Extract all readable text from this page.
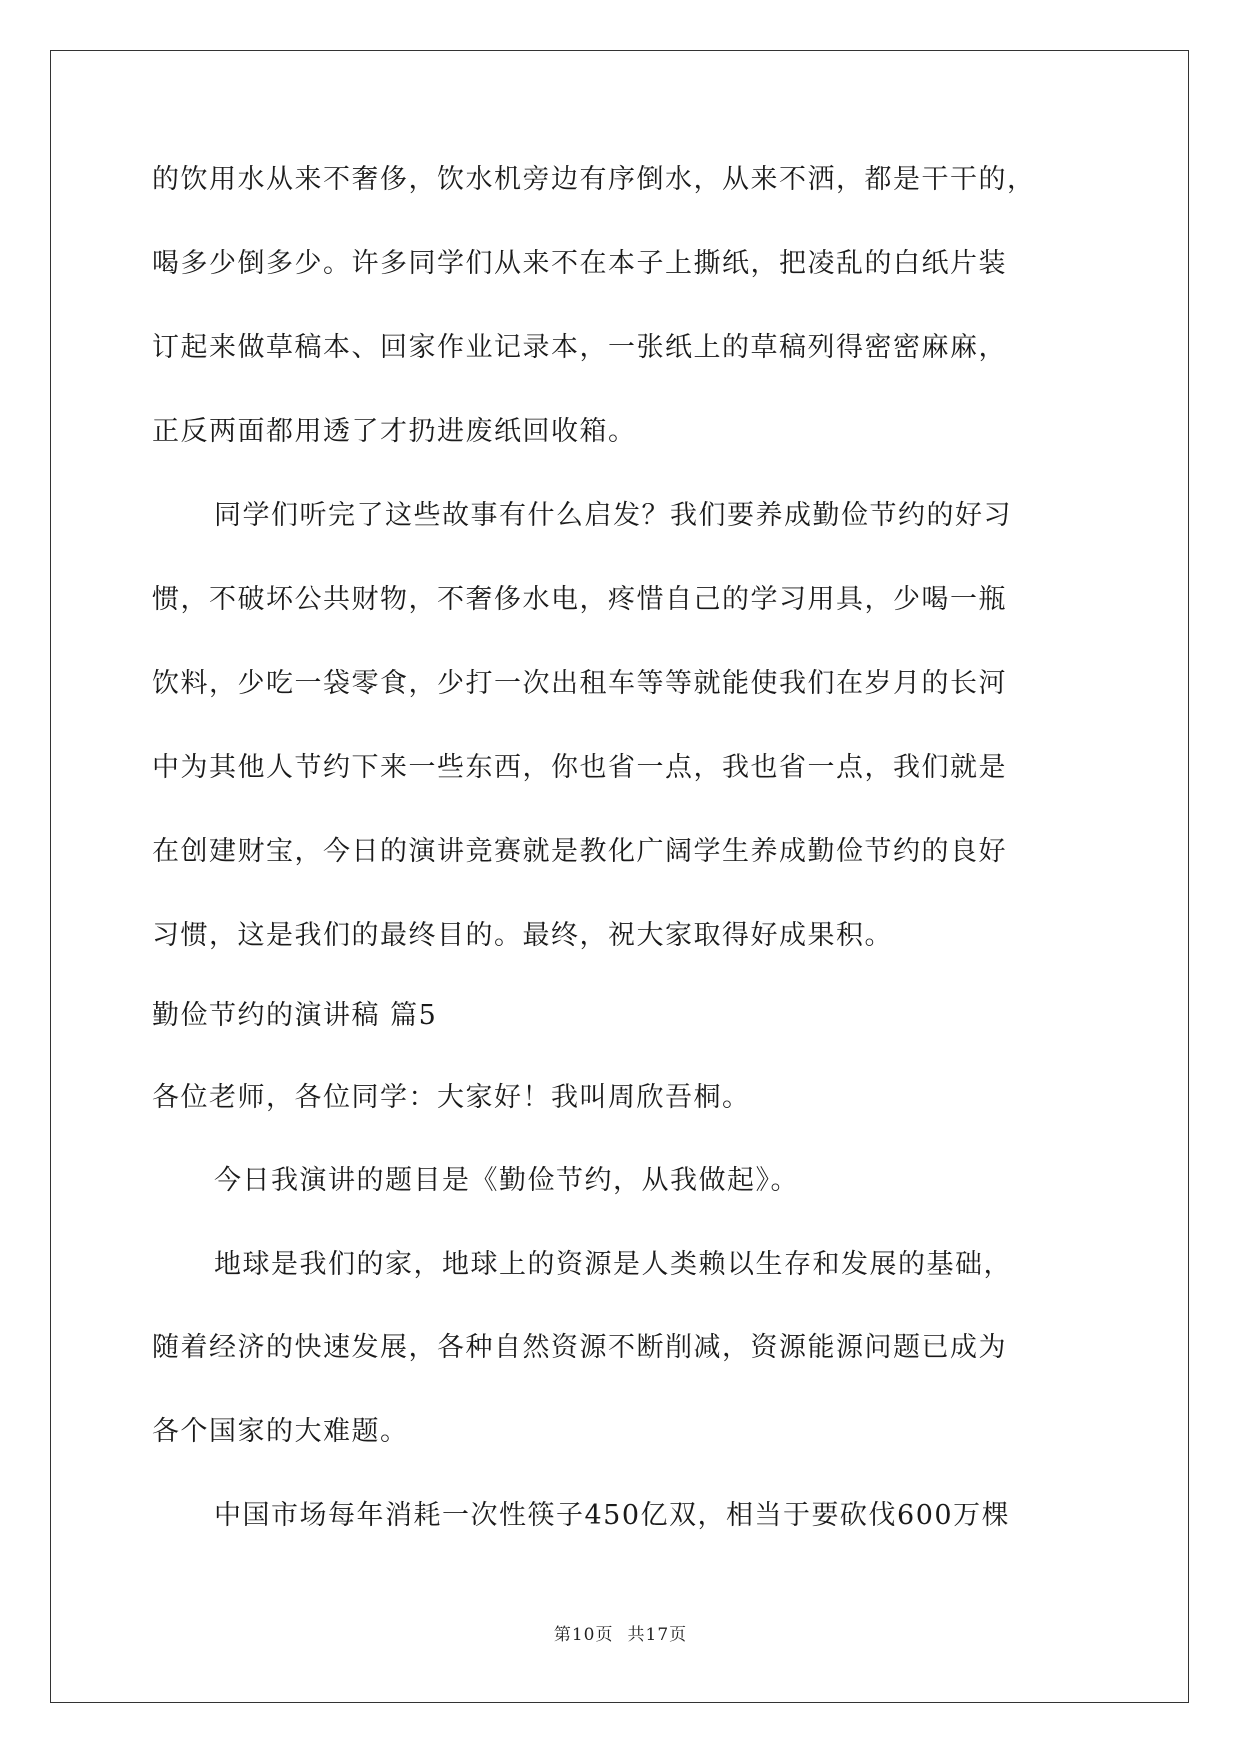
的饮用水从来不奢侈，饮水机旁边有序倒水，从来不洒，都是干干的，
喝多少倒多少。许多同学们从来不在本子上撕纸，把凌乱的白纸片装
订起来做草稿本、回家作业记录本，一张纸上的草稿列得密密麻麻，
正反两面都用透了才扔进废纸回收箱。
同学们听完了这些故事有什么启发？我们要养成勤俭节约的好习
惯，不破坏公共财物，不奢侈水电，疼惜自己的学习用具，少喝一瓶
饮料，少吃一袋零食，少打一次出租车等等就能使我们在岁月的长河
中为其他人节约下来一些东西，你也省一点，我也省一点，我们就是
在创建财宝，今日的演讲竞赛就是教化广阔学生养成勤俭节约的良好
习惯，这是我们的最终目的。最终，祝大家取得好成果积。
勤俭节约的演讲稿 篇5
各位老师，各位同学：大家好！我叫周欣吾桐。
今日我演讲的题目是《勤俭节约，从我做起》。
地球是我们的家，地球上的资源是人类赖以生存和发展的基础，
随着经济的快速发展，各种自然资源不断削减，资源能源问题已成为
各个国家的大难题。
中国市场每年消耗一次性筷子450亿双，相当于要砍伐600万棵
第10页 共17页
